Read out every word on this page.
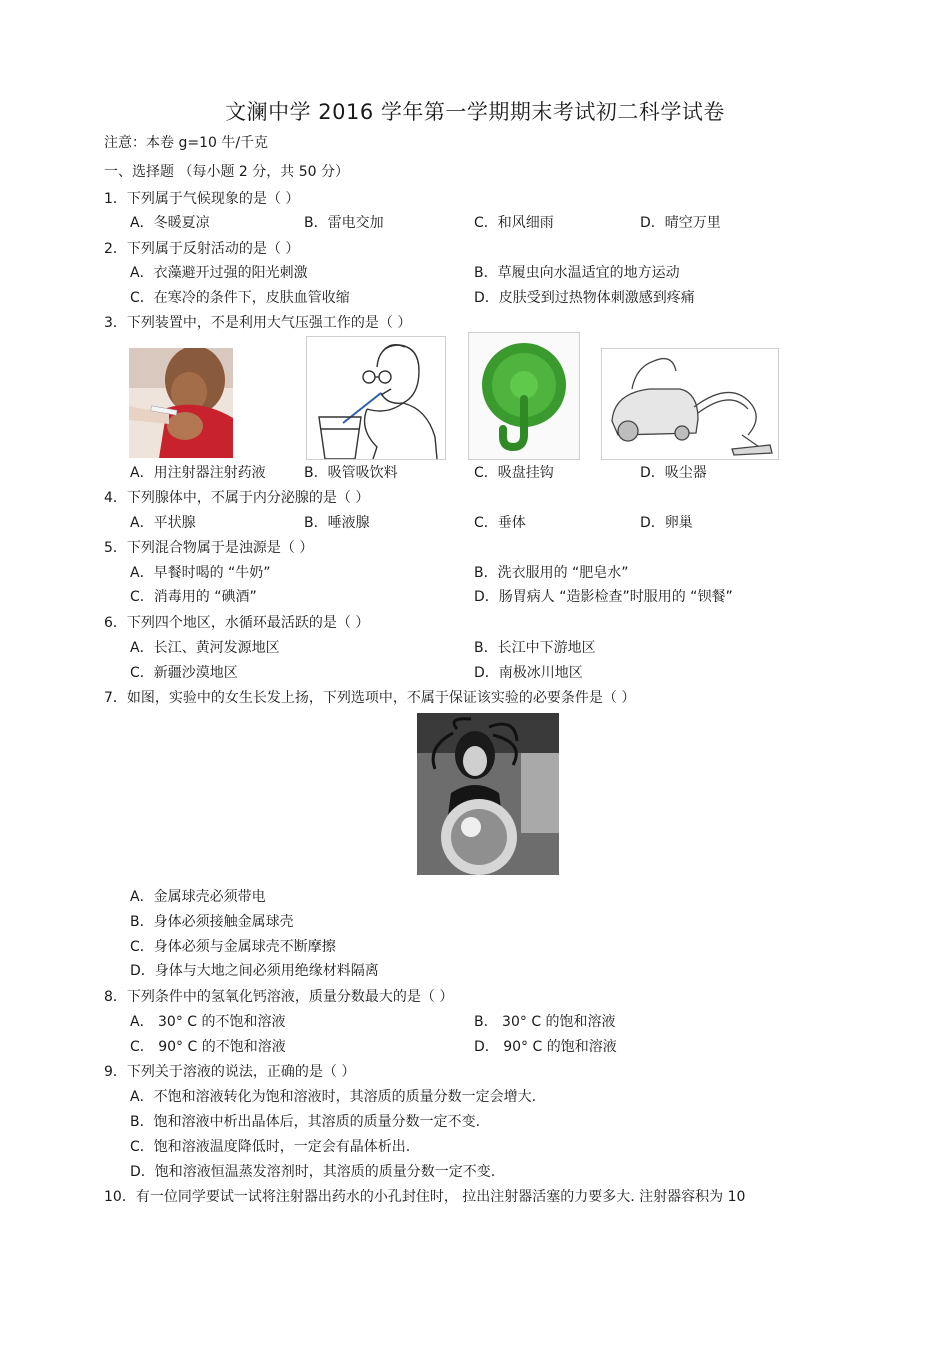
文澜中学 2016 学年第一学期期末考试初二科学试卷
注意：本卷 g=10 牛/千克
一、选择题 （每小题 2 分，共 50 分）
1．下列属于气候现象的是（ ）
A．冬暖夏凉	B．雷电交加	C．和风细雨	D．晴空万里
2．下列属于反射活动的是（ ）
A．衣藻避开过强的阳光刺激	B．草履虫向水温适宜的地方运动
C．在寒冷的条件下，皮肤血管收缩	D．皮肤受到过热物体刺激感到疼痛
3．下列装置中，不是利用大气压强工作的是（ ）
A．用注射器注射药液	B．吸管吸饮料	C．吸盘挂钩	D．吸尘器
4．下列腺体中，不属于内分泌腺的是（ ）
A．平状腺	B．唾液腺	C．垂体	D．卵巢
5．下列混合物属于是浊源是（ ）
A．早餐时喝的 “牛奶”	B．洗衣服用的 “肥皂水”
C．消毒用的 “碘酒”	D．肠胃病人 “造影检查”时服用的 “钡餐”
6．下列四个地区，水循环最活跃的是（ ）
A．长江、黄河发源地区	B．长江中下游地区
C．新疆沙漠地区	D．南极冰川地区
7．如图，实验中的女生长发上扬，下列选项中，不属于保证该实验的必要条件是（ ）
A．金属球壳必须带电
B．身体必须接触金属球壳
C．身体必须与金属球壳不断摩擦
D．身体与大地之间必须用绝缘材料隔离
8．下列条件中的氢氧化钙溶液，质量分数最大的是（ ）
A． 30° C 的不饱和溶液	B． 30° C 的饱和溶液
C． 90° C 的不饱和溶液	D． 90° C 的饱和溶液
9．下列关于溶液的说法，正确的是（ ）
A．不饱和溶液转化为饱和溶液时，其溶质的质量分数一定会增大.
B．饱和溶液中析出晶体后，其溶质的质量分数一定不变.
C．饱和溶液温度降低时，一定会有晶体析出.
D．饱和溶液恒温蒸发溶剂时，其溶质的质量分数一定不变.
10．有一位同学要试一试将注射器出药水的小孔封住时， 拉出注射器活塞的力要多大. 注射器容积为 10
